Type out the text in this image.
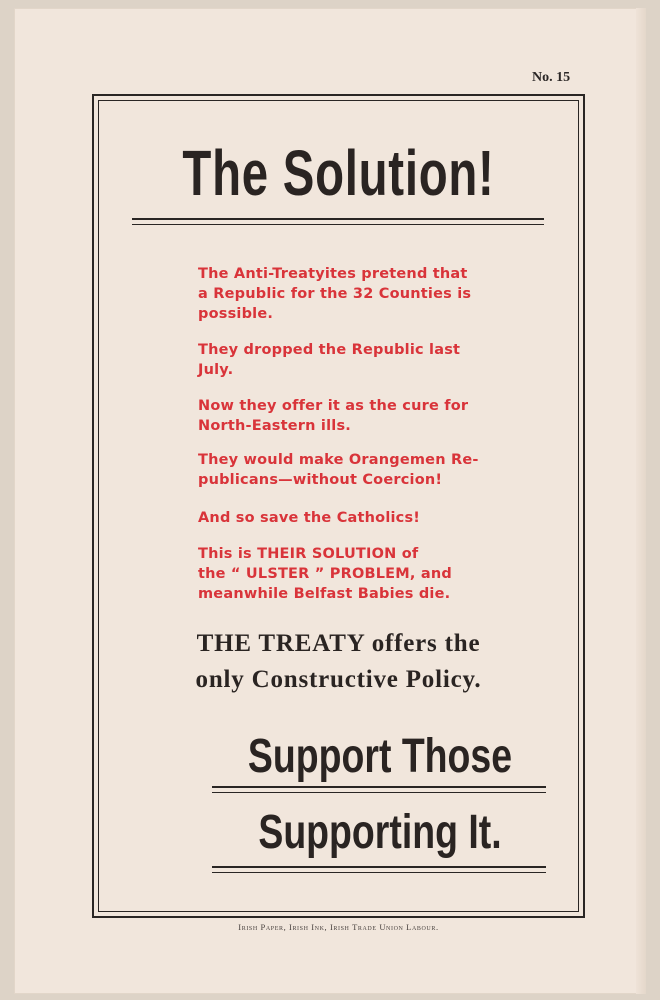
No. 15
The Solution!
The Anti-Treatyites pretend that
a Republic for the 32 Counties is
possible.
They dropped the Republic last
July.
Now they offer it as the cure for
North-Eastern ills.
They would make Orangemen Re-
publicans—without Coercion!
And so save the Catholics!
This is THEIR SOLUTION of
the “ ULSTER ” PROBLEM, and
meanwhile Belfast Babies die.
THE TREATY offers the
only Constructive Policy.
Support Those
Supporting It.
Irish Paper, Irish Ink, Irish Trade Union Labour.
